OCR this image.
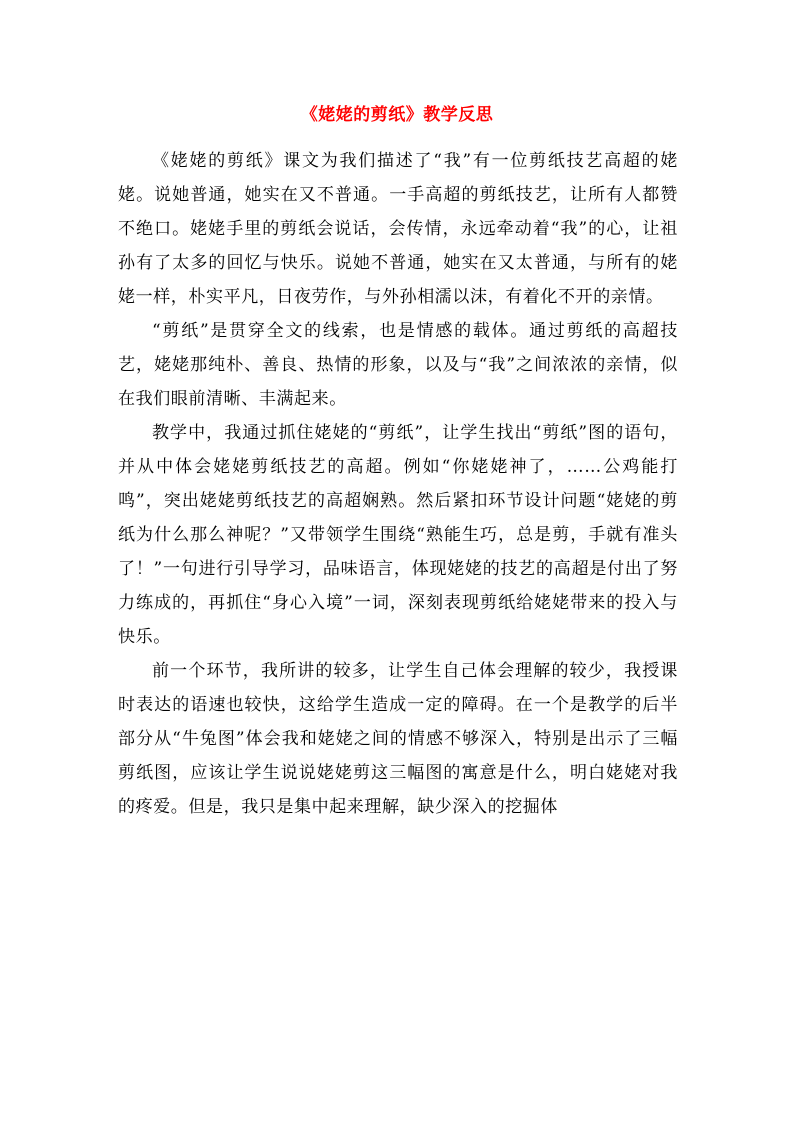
《姥姥的剪纸》教学反思

《姥姥的剪纸》课文为我们描述了“我”有一位剪纸技艺高超的姥姥。说她普通，她实在又不普通。一手高超的剪纸技艺，让所有人都赞不绝口。姥姥手里的剪纸会说话，会传情，永远牵动着“我”的心，让祖孙有了太多的回忆与快乐。说她不普通，她实在又太普通，与所有的姥姥一样，朴实平凡，日夜劳作，与外孙相濡以沫，有着化不开的亲情。

“剪纸”是贯穿全文的线索，也是情感的载体。通过剪纸的高超技艺，姥姥那纯朴、善良、热情的形象，以及与“我”之间浓浓的亲情，似在我们眼前清晰、丰满起来。

教学中，我通过抓住姥姥的“剪纸”，让学生找出“剪纸”图的语句，并从中体会姥姥剪纸技艺的高超。例如“你姥姥神了，……公鸡能打鸣”，突出姥姥剪纸技艺的高超娴熟。然后紧扣环节设计问题“姥姥的剪纸为什么那么神呢？”又带领学生围绕“熟能生巧，总是剪，手就有准头了！”一句进行引导学习，品味语言，体现姥姥的技艺的高超是付出了努力练成的，再抓住“身心入境”一词，深刻表现剪纸给姥姥带来的投入与快乐。

前一个环节，我所讲的较多，让学生自己体会理解的较少，我授课时表达的语速也较快，这给学生造成一定的障碍。在一个是教学的后半部分从“牛兔图”体会我和姥姥之间的情感不够深入，特别是出示了三幅剪纸图，应该让学生说说姥姥剪这三幅图的寓意是什么，明白姥姥对我的疼爱。但是，我只是集中起来理解，缺少深入的挖掘体
